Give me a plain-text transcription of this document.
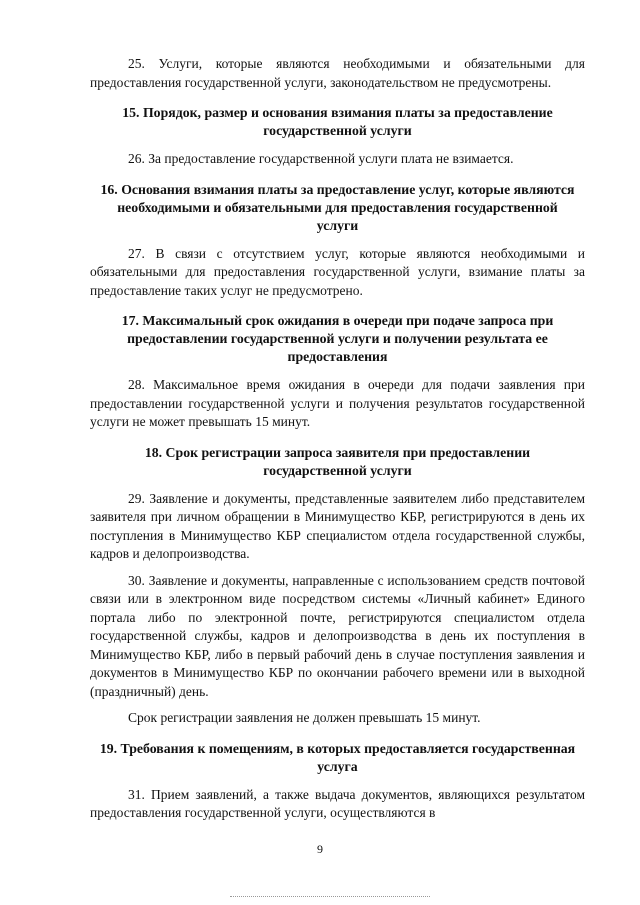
25. Услуги, которые являются необходимыми и обязательными для предоставления государственной услуги, законодательством не предусмотрены.

15. Порядок, размер и основания взимания платы за предоставление государственной услуги

26. За предоставление государственной услуги плата не взимается.

16. Основания взимания платы за предоставление услуг, которые являются необходимыми и обязательными для предоставления государственной услуги

27. В связи с отсутствием услуг, которые являются необходимыми и обязательными для предоставления государственной услуги, взимание платы за предоставление таких услуг не предусмотрено.

17. Максимальный срок ожидания в очереди при подаче запроса при предоставлении государственной услуги и получении результата ее предоставления

28. Максимальное время ожидания в очереди для подачи заявления при предоставлении государственной услуги и получения результатов государственной услуги не может превышать 15 минут.

18. Срок регистрации запроса заявителя при предоставлении государственной услуги

29. Заявление и документы, представленные заявителем либо представителем заявителя при личном обращении в Минимущество КБР, регистрируются в день их поступления в Минимущество КБР специалистом отдела государственной службы, кадров и делопроизводства.

30. Заявление и документы, направленные с использованием средств почтовой связи или в электронном виде посредством системы «Личный кабинет» Единого портала либо по электронной почте, регистрируются специалистом отдела государственной службы, кадров и делопроизводства в день их поступления в Минимущество КБР, либо в первый рабочий день в случае поступления заявления и документов в Минимущество КБР по окончании рабочего времени или в выходной (праздничный) день.

Срок регистрации заявления не должен превышать 15 минут.

19. Требования к помещениям, в которых предоставляется государственная услуга

31. Прием заявлений, а также выдача документов, являющихся результатом предоставления государственной услуги, осуществляются в

9
